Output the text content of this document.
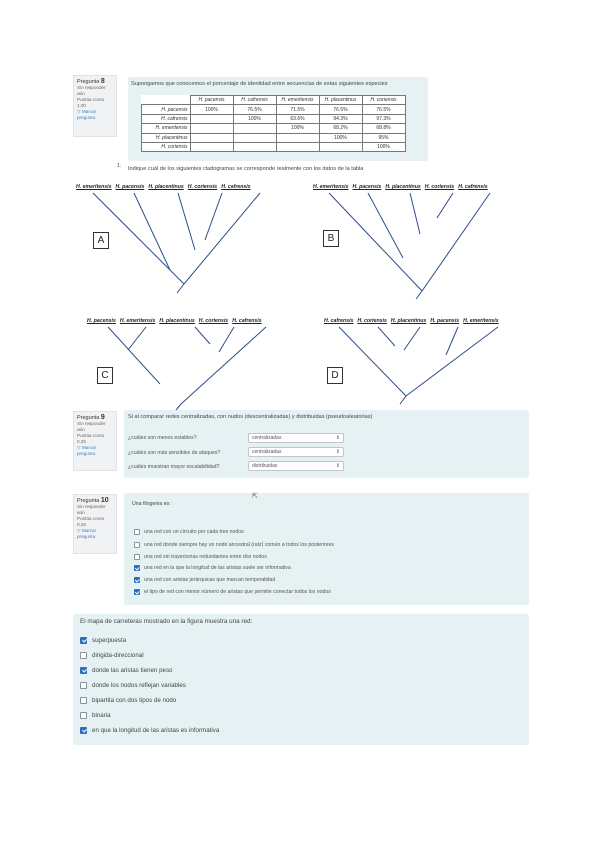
Pregunta 8
Sin responder aún
Puntúa como 1,00
▽ Marcar pregunta
Supongamos que conocemos el porcentaje de identidad entre secuencias de estas siguientes especies
	H. pacensis	H. cafrensis	H. emeritensis	H. placentinus	H. coriensis
H. pacensis	100%	76.5%	71.5%	76.5%	76.5%
H. cafrensis		100%	63.6%	94.3%	97.3%
H. emeritensis			100%	68.2%	68.8%
H. placentinus				100%	95%
H. coriensis					100%
1. Indique cuál de los siguientes cladogramas se corresponde realmente con los datos de la tabla
H. emeritensis H. pacensis H. placentinus H. coriensis H. cafrensis	H. emeritensis H. pacensis H. placentinus H. coriensis H. cafrensis
H. pacensis H. emeritensis H. placentinus H. coriensis H. cafrensis	H. cafrensis H. coriensis H. placentinus H. pacensis H. emeritensis
A	B
C	D
Pregunta 9
Sin responder aún
Puntúa como 0,25
▽ Marcar pregunta
Si al comparar redes centralizadas, con nudos (descentralizadas) y distribuidas (pseudoaleatorias)
¿cuáles son menos estables?	centralizadas	⇕
¿cuáles son más sensibles de ataques?	centralizadas	⇕
¿cuáles muestran mayor escalabilidad?	distribuidas	⇕
Pregunta 10
Sin responder aún
Puntúa como 0,25
▽ Marcar pregunta
Una filogenia es:
⇱
una red con un circuito por cada tres nodos
una red donde siempre hay un nodo ancestral (raíz) común a todos los posteriores
una red sin trayectorias redundantes entre dos nodos
una red en la que la longitud de las aristas suele ser informativa
una red con aristas jerárquicas que marcan temporalidad
el tipo de red con menor número de aristas que permite conectar todos los nodos
El mapa de carreteras mostrado en la figura muestra una red:
superpuesta
dirigida-direccional
donde las aristas tienen peso
donde los nodos reflejan variables
bipartita con dos tipos de nodo
binaria
en que la longitud de las aristas es informativa
